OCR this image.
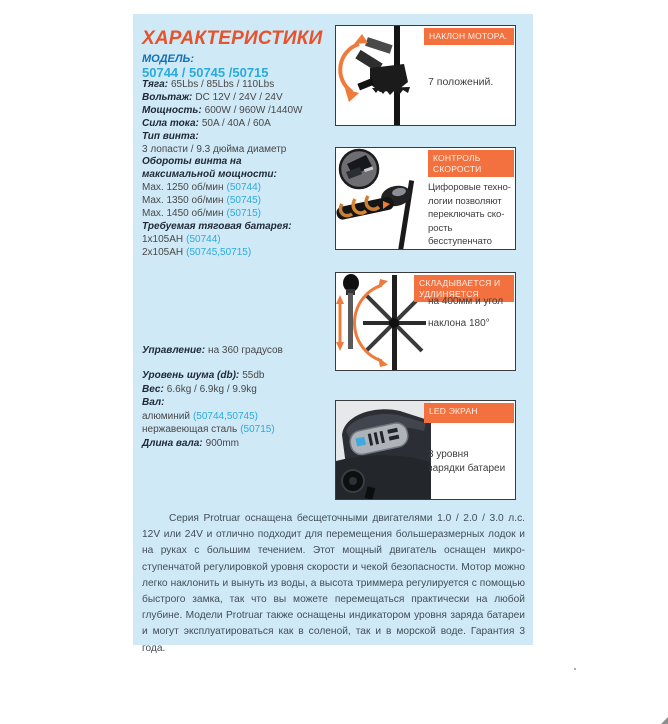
ХАРАКТЕРИСТИКИ
МОДЕЛЬ:
50744 / 50745 /50715
Тяга: 65Lbs / 85Lbs / 110Lbs
Вольтаж: DC 12V / 24V / 24V
Мощность: 600W / 960W /1440W
Сила тока: 50A / 40A / 60A
Тип винта:
3 лопасти / 9.3 дюйма диаметр
Обороты винта на
максимальной мощности:
Max. 1250 об/мин (50744)
Max. 1350 об/мин (50745)
Max. 1450 об/мин (50715)
Требуемая тяговая батарея:
1x105AH (50744)
2x105AH (50745,50715)
Управление: на 360 градусов
Уровень шума (db): 55db
Вес: 6.6kg / 6.9kg / 9.9kg
Вал:
алюминий (50744,50745)
нержавеющая сталь (50715)
Длина вала: 900mm
НАКЛОН МОТОРА.
7 положений.
КОНТРОЛЬ
СКОРОСТИ
Цифоровые техно-
логии позволяют
переключать ско-
рость бесступенчато
СКЛАДЫВАЕТСЯ И
УДЛИНЯЕТСЯ
на 400мм и угол
наклона 180°
LED ЭКРАН
3 уровня
зарядки батареи
Серия Protruar оснащена бесщеточными двигателями 1.0 / 2.0 / 3.0 л.с. 12V или 24V и отлично подходит для перемещения большеразмерных лодок и на руках с большим течением. Этот мощный двигатель оснащен микро-ступенчатой регулировкой уровня скорости и чекой безопасности. Мотор можно легко наклонить и вынуть из воды, а высота триммера регулируется с помощью быстрого замка, так что вы можете перемещаться практически на любой глубине. Модели Protruar также оснащены индикатором уровня заряда батареи и могут эксплуатироваться как в соленой, так и в морской воде. Гарантия 3 года.
